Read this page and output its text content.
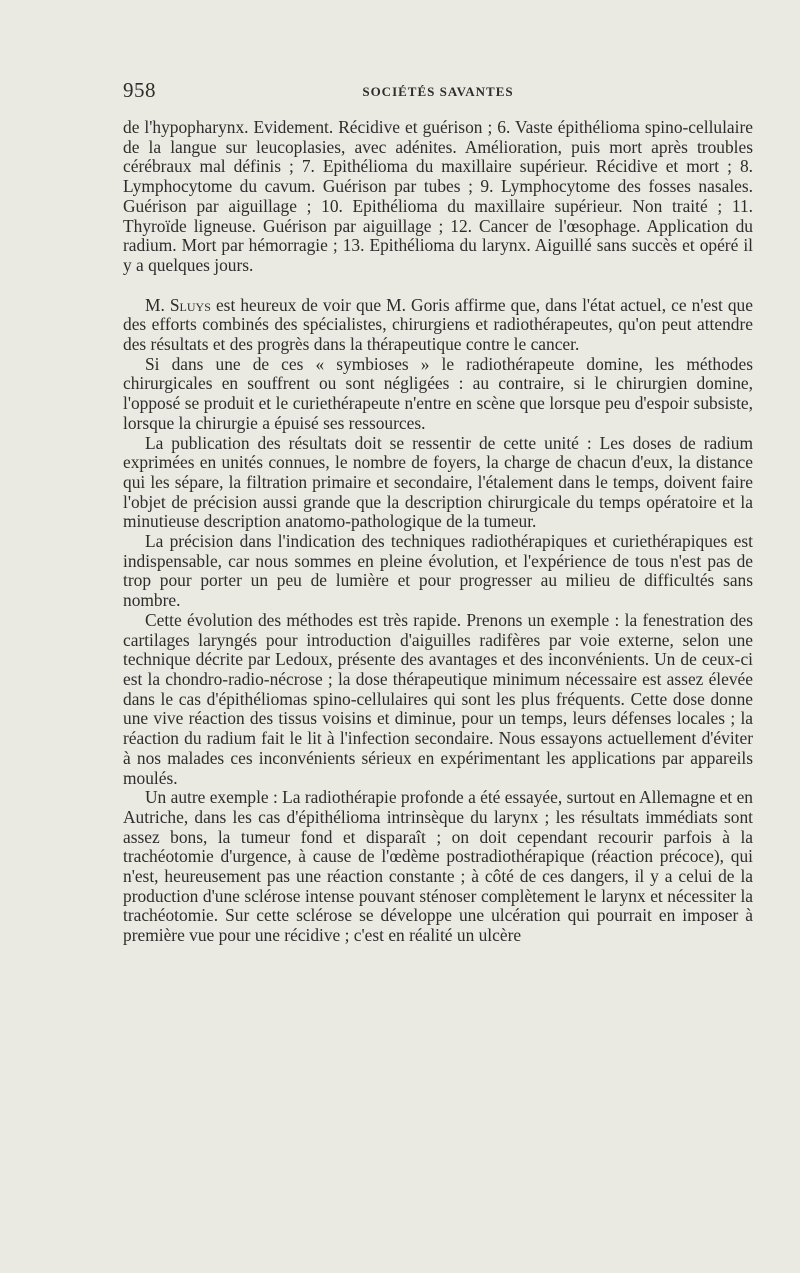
958	SOCIÉTÉS SAVANTES

de l'hypopharynx. Evidement. Récidive et guérison ; 6. Vaste épithélioma spino-cellulaire de la langue sur leucoplasies, avec adénites. Amélioration, puis mort après troubles cérébraux mal définis ; 7. Epithélioma du maxillaire supérieur. Récidive et mort ; 8. Lymphocytome du cavum. Guérison par tubes ; 9. Lymphocytome des fosses nasales. Guérison par aiguillage ; 10. Epithélioma du maxillaire supérieur. Non traité ; 11. Thyroïde ligneuse. Guérison par aiguillage ; 12. Cancer de l'œsophage. Application du radium. Mort par hémorragie ; 13. Epithélioma du larynx. Aiguillé sans succès et opéré il y a quelques jours.

M. Sluys est heureux de voir que M. Goris affirme que, dans l'état actuel, ce n'est que des efforts combinés des spécialistes, chirurgiens et radiothérapeutes, qu'on peut attendre des résultats et des progrès dans la thérapeutique contre le cancer.

Si dans une de ces « symbioses » le radiothérapeute domine, les méthodes chirurgicales en souffrent ou sont négligées : au contraire, si le chirurgien domine, l'opposé se produit et le curiethérapeute n'entre en scène que lorsque peu d'espoir subsiste, lorsque la chirurgie a épuisé ses ressources.

La publication des résultats doit se ressentir de cette unité : Les doses de radium exprimées en unités connues, le nombre de foyers, la charge de chacun d'eux, la distance qui les sépare, la filtration primaire et secondaire, l'étalement dans le temps, doivent faire l'objet de précision aussi grande que la description chirurgicale du temps opératoire et la minutieuse description anatomo-pathologique de la tumeur.

La précision dans l'indication des techniques radiothérapiques et curiethérapiques est indispensable, car nous sommes en pleine évolution, et l'expérience de tous n'est pas de trop pour porter un peu de lumière et pour progresser au milieu de difficultés sans nombre.

Cette évolution des méthodes est très rapide. Prenons un exemple : la fenestration des cartilages laryngés pour introduction d'aiguilles radifères par voie externe, selon une technique décrite par Ledoux, présente des avantages et des inconvénients. Un de ceux-ci est la chondro-radio-nécrose ; la dose thérapeutique minimum nécessaire est assez élevée dans le cas d'épithéliomas spino-cellulaires qui sont les plus fréquents. Cette dose donne une vive réaction des tissus voisins et diminue, pour un temps, leurs défenses locales ; la réaction du radium fait le lit à l'infection secondaire. Nous essayons actuellement d'éviter à nos malades ces inconvénients sérieux en expérimentant les applications par appareils moulés.

Un autre exemple : La radiothérapie profonde a été essayée, surtout en Allemagne et en Autriche, dans les cas d'épithélioma intrinsèque du larynx ; les résultats immédiats sont assez bons, la tumeur fond et disparaît ; on doit cependant recourir parfois à la trachéotomie d'urgence, à cause de l'œdème postradiothérapique (réaction précoce), qui n'est, heureusement pas une réaction constante ; à côté de ces dangers, il y a celui de la production d'une sclérose intense pouvant sténoser complètement le larynx et nécessiter la trachéotomie. Sur cette sclérose se développe une ulcération qui pourrait en imposer à première vue pour une récidive ; c'est en réalité un ulcère
